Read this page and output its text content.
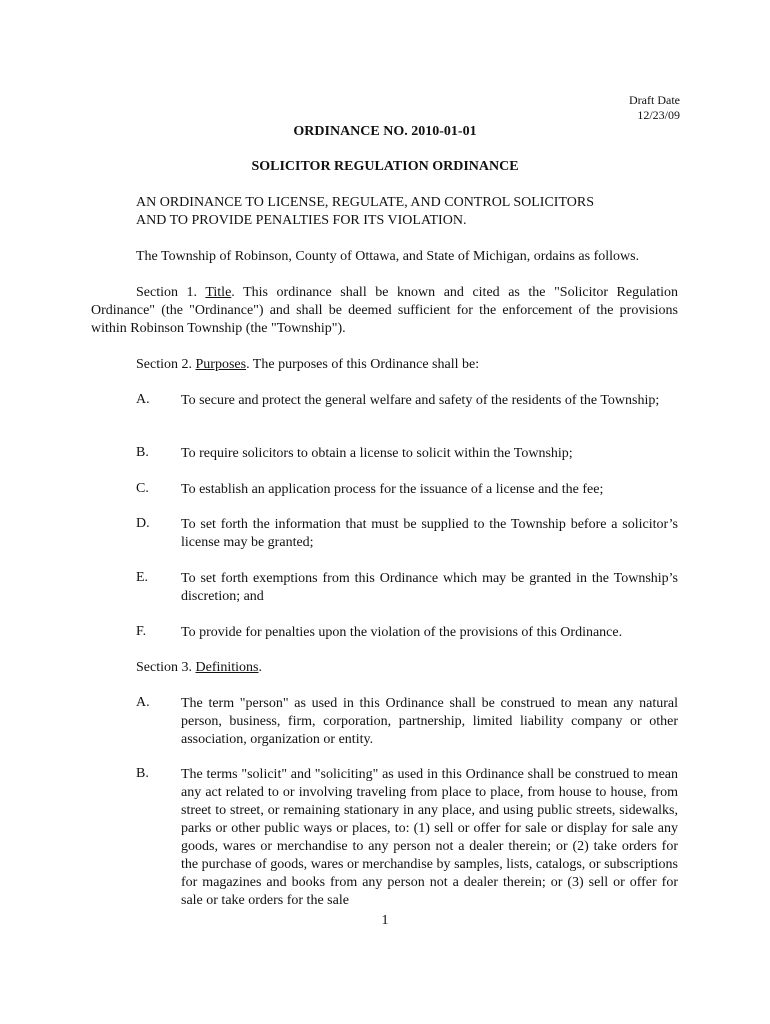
Draft Date
12/23/09
ORDINANCE NO. 2010-01-01
SOLICITOR REGULATION ORDINANCE
AN ORDINANCE TO LICENSE, REGULATE, AND CONTROL SOLICITORS
AND TO PROVIDE PENALTIES FOR ITS VIOLATION.
The Township of Robinson, County of Ottawa, and State of Michigan, ordains as follows.
Section 1. Title. This ordinance shall be known and cited as the "Solicitor Regulation Ordinance" (the "Ordinance") and shall be deemed sufficient for the enforcement of the provisions within Robinson Township (the "Township").
Section 2. Purposes. The purposes of this Ordinance shall be:
A. To secure and protect the general welfare and safety of the residents of the Township;
B. To require solicitors to obtain a license to solicit within the Township;
C. To establish an application process for the issuance of a license and the fee;
D. To set forth the information that must be supplied to the Township before a solicitor’s license may be granted;
E. To set forth exemptions from this Ordinance which may be granted in the Township’s discretion; and
F. To provide for penalties upon the violation of the provisions of this Ordinance.
Section 3. Definitions.
A. The term "person" as used in this Ordinance shall be construed to mean any natural person, business, firm, corporation, partnership, limited liability company or other association, organization or entity.
B. The terms "solicit" and "soliciting" as used in this Ordinance shall be construed to mean any act related to or involving traveling from place to place, from house to house, from street to street, or remaining stationary in any place, and using public streets, sidewalks, parks or other public ways or places, to: (1) sell or offer for sale or display for sale any goods, wares or merchandise to any person not a dealer therein; or (2) take orders for the purchase of goods, wares or merchandise by samples, lists, catalogs, or subscriptions for magazines and books from any person not a dealer therein; or (3) sell or offer for sale or take orders for the sale
1
